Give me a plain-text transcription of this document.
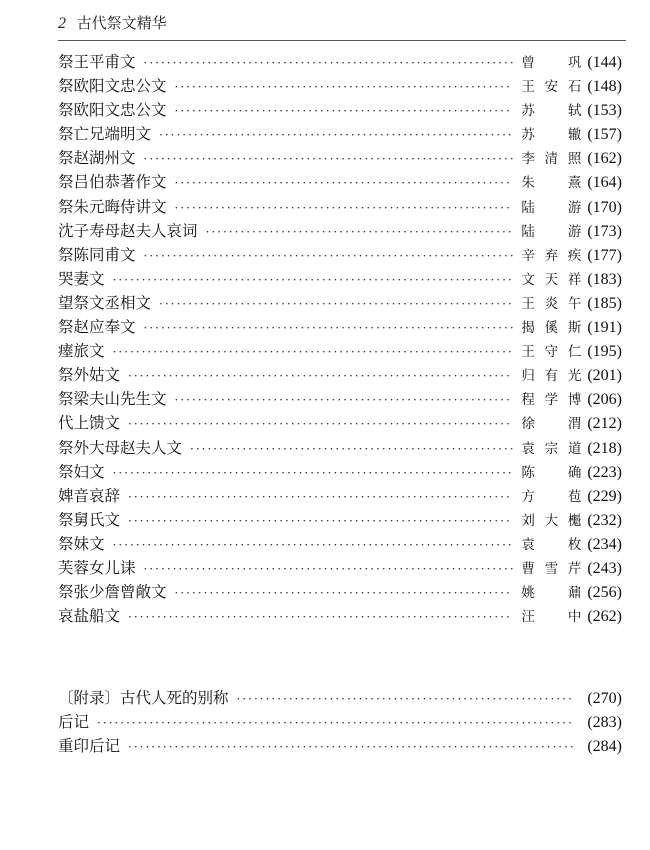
2 古代祭文精华
祭王平甫文 ·····	曾巩 (144)
祭欧阳文忠公文 ·····	王安石 (148)
祭欧阳文忠公文 ·····	苏轼 (153)
祭亡兄端明文 ·····	苏辙 (157)
祭赵湖州文 ·····	李清照 (162)
祭吕伯恭著作文 ·····	朱熹 (164)
祭朱元晦侍讲文 ·····	陆游 (170)
沈子寿母赵夫人哀词 ·····	陆游 (173)
祭陈同甫文 ·····	辛弃疾 (177)
哭妻文 ·····	文天祥 (183)
望祭文丞相文 ·····	王炎午 (185)
祭赵应奉文 ·····	揭傒斯 (191)
瘗旅文 ·····	王守仁 (195)
祭外姑文 ·····	归有光 (201)
祭梁夫山先生文 ·····	程学博 (206)
代上馈文 ·····	徐渭 (212)
祭外大母赵夫人文 ·····	袁宗道 (218)
祭妇文 ·····	陈确 (223)
婢音哀辞 ·····	方苞 (229)
祭舅氏文 ·····	刘大櫆 (232)
祭妹文 ·····	袁枚 (234)
芙蓉女儿诔 ·····	曹雪芹 (243)
祭张少詹曾敞文 ·····	姚鼐 (256)
哀盐船文 ·····	汪中 (262)
〔附录〕古代人死的别称 ·····	(270)
后记 ·····	(283)
重印后记 ·····	(284)
